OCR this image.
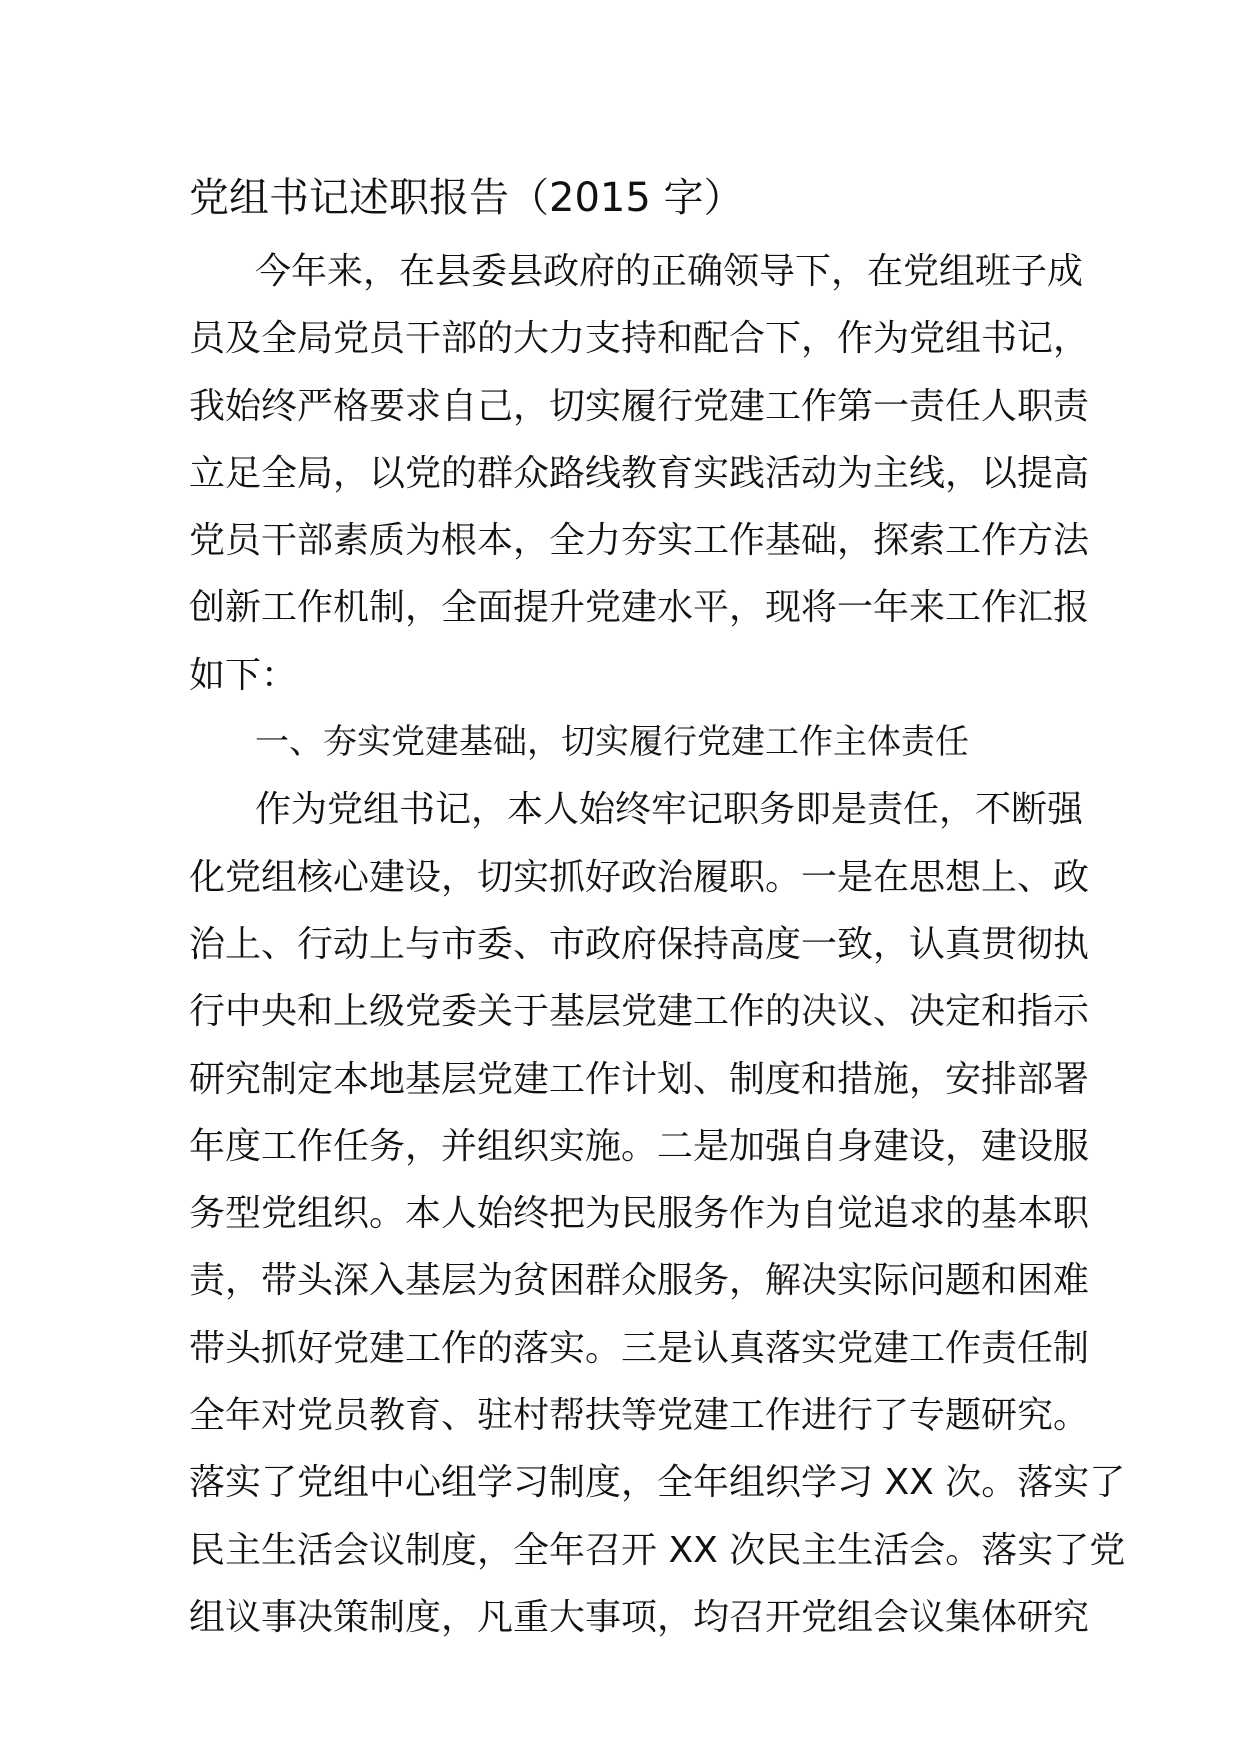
党组书记述职报告（2015 字）
今年来，在县委县政府的正确领导下，在党组班子成
员及全局党员干部的大力支持和配合下，作为党组书记，
我始终严格要求自己，切实履行党建工作第一责任人职责
立足全局，以党的群众路线教育实践活动为主线，以提高
党员干部素质为根本，全力夯实工作基础，探索工作方法
创新工作机制，全面提升党建水平，现将一年来工作汇报
如下：
一、夯实党建基础，切实履行党建工作主体责任
作为党组书记，本人始终牢记职务即是责任，不断强
化党组核心建设，切实抓好政治履职。一是在思想上、政
治上、行动上与市委、市政府保持高度一致，认真贯彻执
行中央和上级党委关于基层党建工作的决议、决定和指示
研究制定本地基层党建工作计划、制度和措施，安排部署
年度工作任务，并组织实施。二是加强自身建设，建设服
务型党组织。本人始终把为民服务作为自觉追求的基本职
责，带头深入基层为贫困群众服务，解决实际问题和困难
带头抓好党建工作的落实。三是认真落实党建工作责任制
全年对党员教育、驻村帮扶等党建工作进行了专题研究。
落实了党组中心组学习制度，全年组织学习 XX 次。落实了
民主生活会议制度，全年召开 XX 次民主生活会。落实了党
组议事决策制度，凡重大事项，均召开党组会议集体研究
